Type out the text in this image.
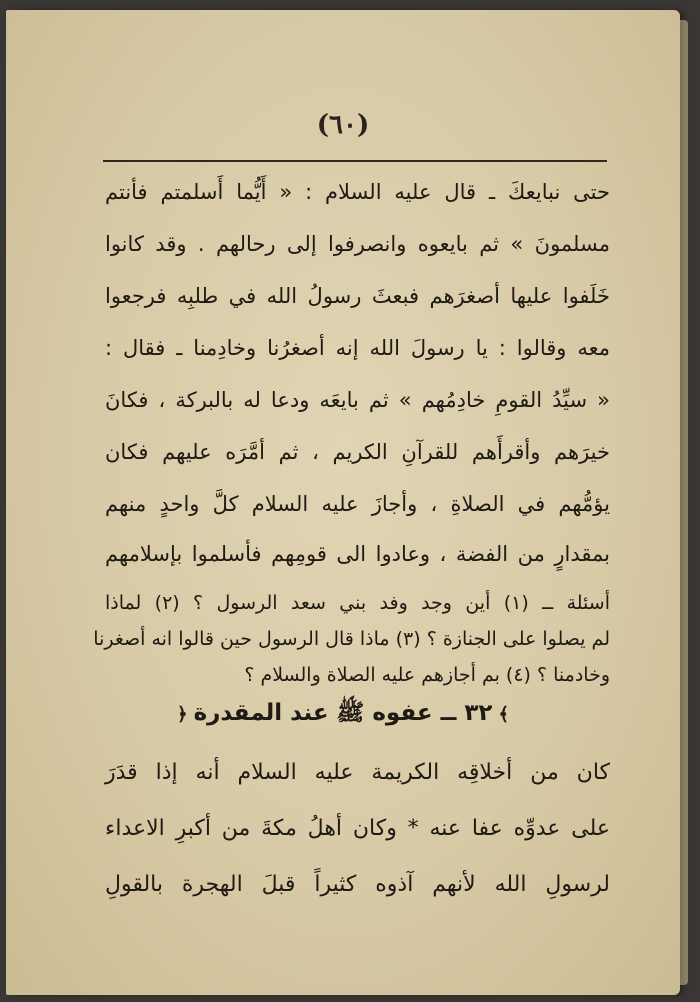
(٦٠)
حتى نبايعكَ ـ قال عليه السلام : « أَيُّما أَسلمتم فأنتم
مسلمونَ » ثم بايعوه وانصرفوا إلى رحالهم . وقد كانوا
خَلَفوا عليها أصغرَهم فبعثَ رسولُ الله في طلبِه فرجعوا
معه وقالوا : يا رسولَ الله إنه أصغرُنا وخادِمنا ـ فقال :
« سيِّدُ القومِ خادِمُهم » ثم بايعَه ودعا له بالبركة ، فكانَ
خيرَهم وأقرأَهم للقرآنِ الكريم ، ثم أمَّرَه عليهم فكان
يؤمُّهم في الصلاةِ ، وأجازَ عليه السلام كلَّ واحدٍ منهم
بمقدارٍ من الفضة ، وعادوا الى قومِهم فأسلموا بإسلامهم
أسئلة ــ (١) أين وجد وفد بني سعد الرسول ؟ (٢) لماذا
لم يصلوا على الجنازة ؟ (٣) ماذا قال الرسول حين قالوا انه أصغرنا
وخادمنا ؟ (٤) بم أجازهم عليه الصلاة والسلام ؟
﴾٣٢ ــ عفوه ﷺ عند المقدرة﴿
كان من أخلاقِه الكريمة عليه السلام أنه إذا قدَرَ
على عدوِّه عفا عنه * وكان أهلُ مكةَ من أكبرِ الاعداء
لرسولِ الله لأنهم آذوه كثيراً قبلَ الهجرة بالقولِ
